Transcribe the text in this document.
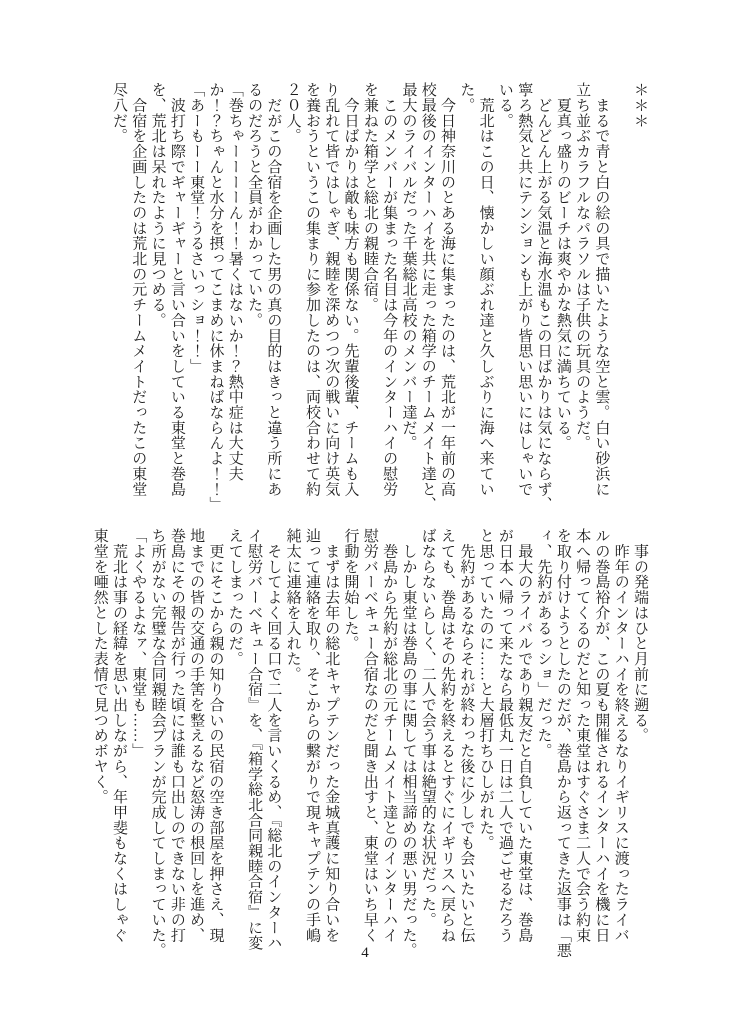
＊＊＊

　まるで青と白の絵の具で描いたような空と雲。白い砂浜に
立ち並ぶカラフルなパラソルは子供の玩具のようだ。
　夏真っ盛りのビーチは爽やかな熱気に満ちている。
　どんどん上がる気温と海水温もこの日ばかりは気にならず、
寧ろ熱気と共にテンションも上がり皆思い思いにはしゃいで
いる。
　荒北はこの日、懐かしい顔ぶれ達と久しぶりに海へ来てい
た。
　今日神奈川のとある海に集まったのは、荒北が一年前の高
校最後のインターハイを共に走った箱学のチームメイト達と、
最大のライバルだった千葉総北高校のメンバー達だ。
　このメンバーが集まった名目は今年のインターハイの慰労
を兼ねた箱学と総北の親睦合宿。
　今日ばかりは敵も味方も関係ない。先輩後輩、チームも入
り乱れて皆ではしゃぎ、親睦を深めつつ次の戦いに向け英気
を養おうというこの集まりに参加したのは、両校合わせて約
２０人。
　だがこの合宿を企画した男の真の目的はきっと違う所にあ
るのだろうと全員がわかっていた。
「巻ちゃーーーーん！！暑くはないか！？熱中症は大丈夫
か！？ちゃんと水分を摂ってこまめに休まねばならんよ！！」
「あーもーー東堂！うるさいっショ！！」
　波打ち際でギャーギャーと言い合いをしている東堂と巻島
を、荒北は呆れたように見つめる。
　合宿を企画したのは荒北の元チームメイトだったこの東堂
尽八だ。
　事の発端はひと月前に遡る。
　昨年のインターハイを終えるなりイギリスに渡ったライバ
ルの巻島裕介が、この夏も開催されるインターハイを機に日
本へ帰ってくるのだと知った東堂はすぐさま二人で会う約束
を取り付けようとしたのだが、巻島から返ってきた返事は「悪
ィ、先約があるっショ」だった。
　最大のライバルであり親友だと自負していた東堂は、巻島
が日本へ帰って来たなら最低丸一日は二人で過ごせるだろう
と思っていたのに……と大層打ちひしがれた。
　先約があるならそれが終わった後に少しでも会いたいと伝
えても、巻島はその先約を終えるとすぐにイギリスへ戻らね
ばならないらしく、二人で会う事は絶望的な状況だった。
　しかし東堂は巻島の事に関しては相当諦めの悪い男だった。
　巻島から先約が総北の元チームメイト達とのインターハイ
慰労バーベキュー合宿なのだと聞き出すと、東堂はいち早く
行動を開始した。
　まずは去年の総北キャプテンだった金城真護に知り合いを
辿って連絡を取り、そこからの繋がりで現キャプテンの手嶋
純太に連絡を入れた。
　そしてよく回る口で二人を言いくるめ、『総北のインターハ
イ慰労バーベキュー合宿』を、『箱学総北合同親睦合宿』に変
えてしまったのだ。
　更にそこから親の知り合いの民宿の空き部屋を押さえ、現
地までの皆の交通の手筈を整えるなど怒涛の根回しを進め、
巻島にその報告が行った頃には誰も口出しのできない非の打
ち所がない完璧な合同親睦会プランが完成してしまっていた。
「よくやるよなァ、東堂も……」
　荒北は事の経緯を思い出しながら、年甲斐もなくはしゃぐ
東堂を唖然とした表情で見つめボヤく。
4
